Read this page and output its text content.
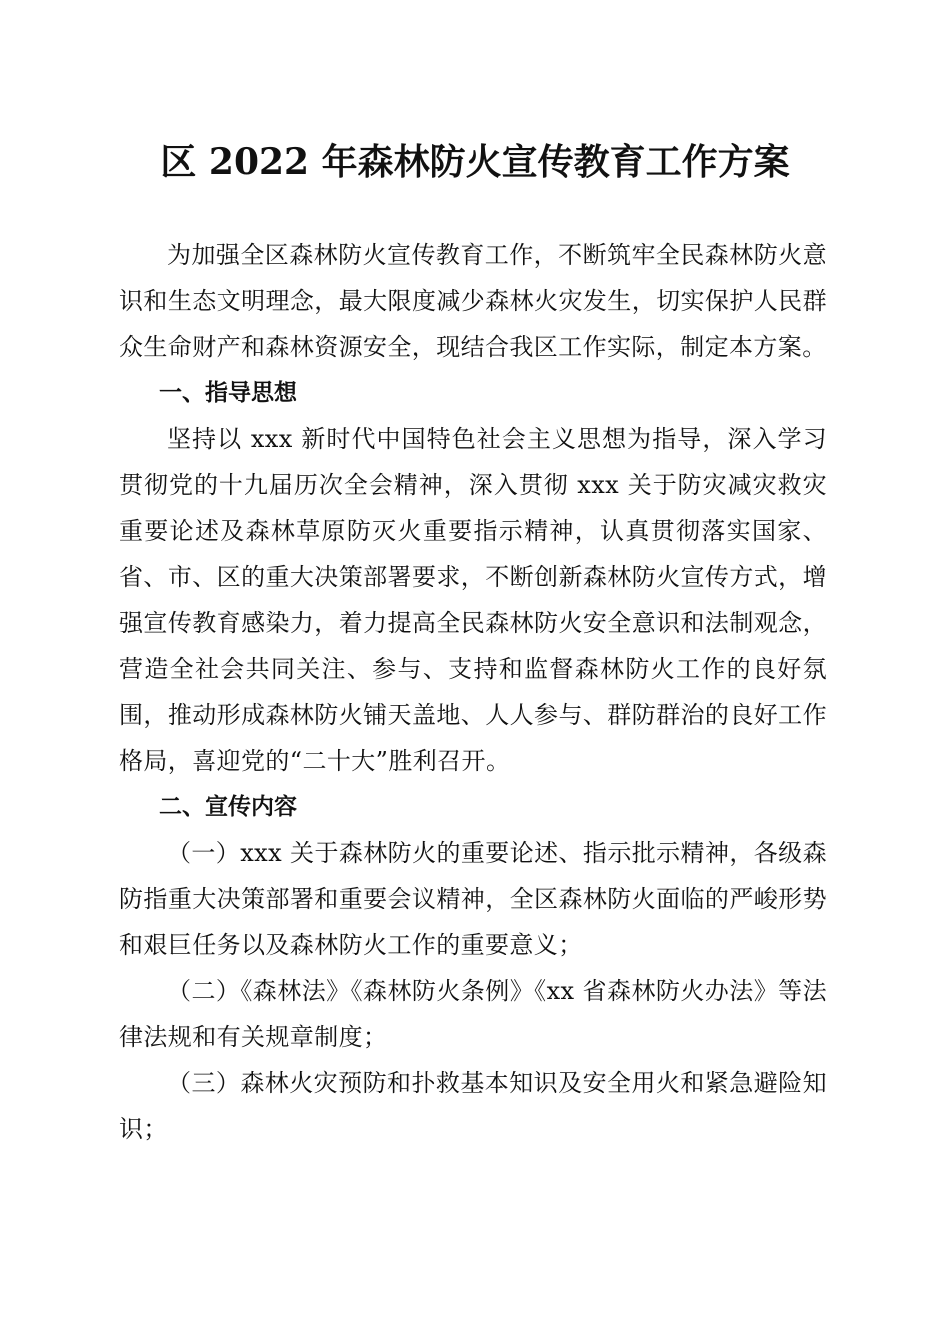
区 2022 年森林防火宣传教育工作方案

为加强全区森林防火宣传教育工作，不断筑牢全民森林防火意识和生态文明理念，最大限度减少森林火灾发生，切实保护人民群众生命财产和森林资源安全，现结合我区工作实际，制定本方案。

一、指导思想

坚持以 xxx 新时代中国特色社会主义思想为指导，深入学习贯彻党的十九届历次全会精神，深入贯彻 xxx 关于防灾减灾救灾重要论述及森林草原防灭火重要指示精神，认真贯彻落实国家、省、市、区的重大决策部署要求，不断创新森林防火宣传方式，增强宣传教育感染力，着力提高全民森林防火安全意识和法制观念，营造全社会共同关注、参与、支持和监督森林防火工作的良好氛围，推动形成森林防火铺天盖地、人人参与、群防群治的良好工作格局，喜迎党的“二十大”胜利召开。

二、宣传内容

（一）xxx 关于森林防火的重要论述、指示批示精神，各级森防指重大决策部署和重要会议精神，全区森林防火面临的严峻形势和艰巨任务以及森林防火工作的重要意义；

（二）《森林法》《森林防火条例》《xx 省森林防火办法》等法律法规和有关规章制度；

（三）森林火灾预防和扑救基本知识及安全用火和紧急避险知识；
